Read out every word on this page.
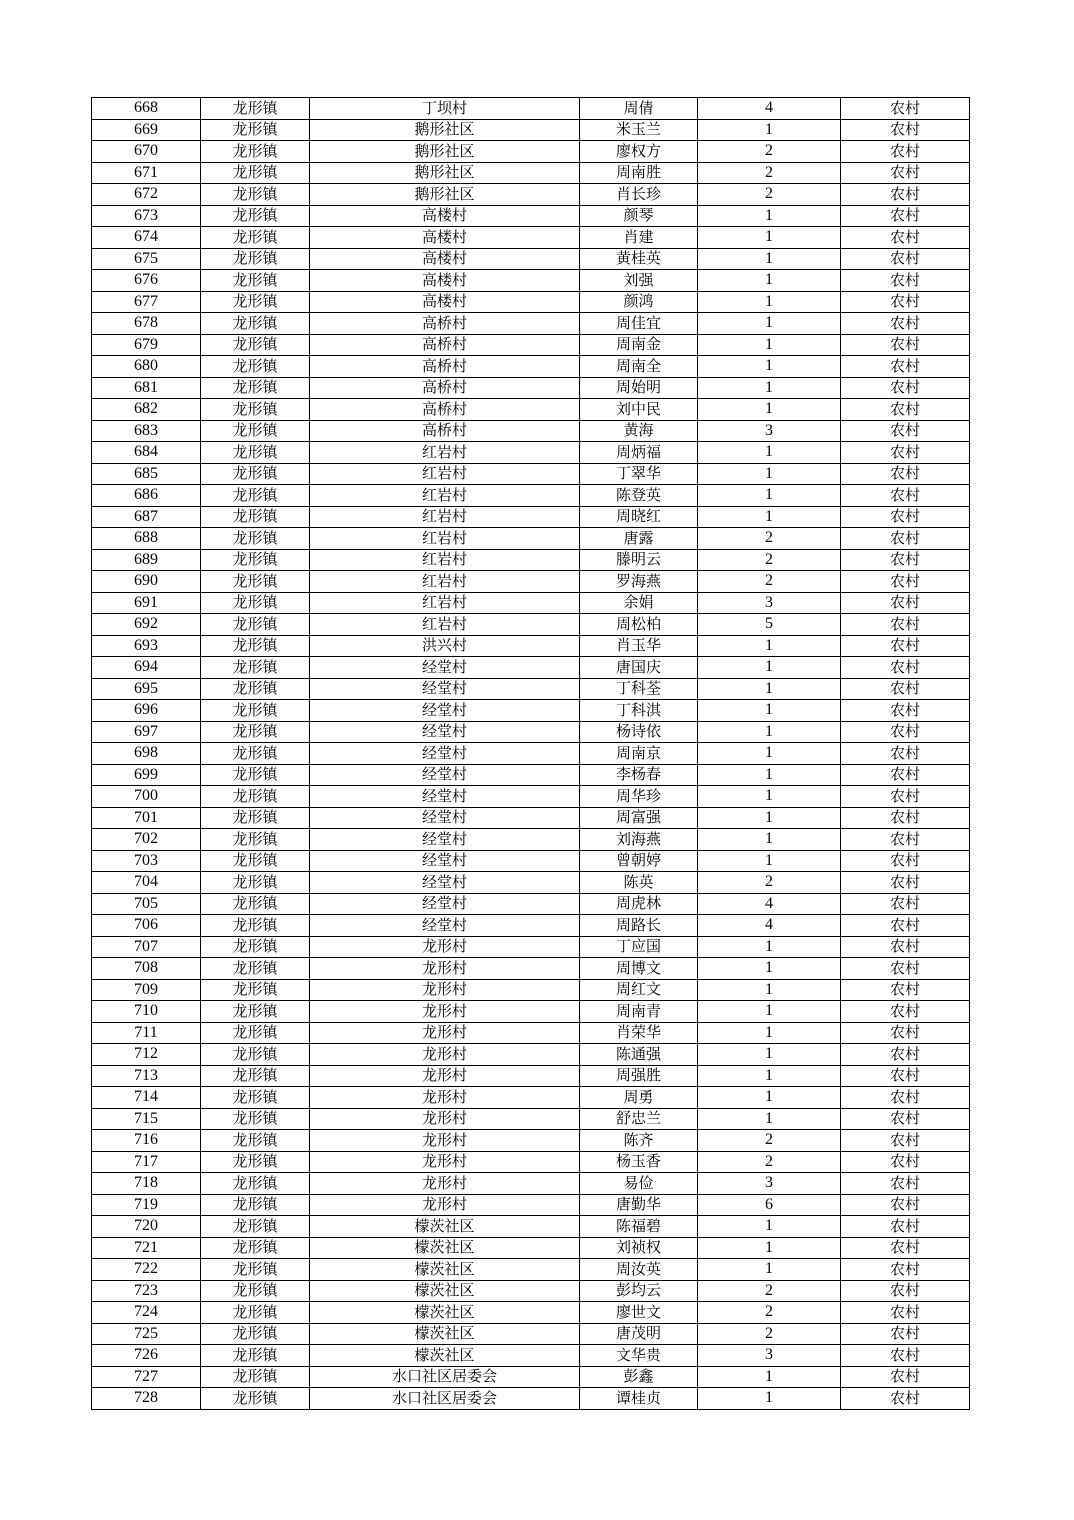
668	龙形镇	丁坝村	周倩	4	农村
669	龙形镇	鹅形社区	米玉兰	1	农村
670	龙形镇	鹅形社区	廖权方	2	农村
671	龙形镇	鹅形社区	周南胜	2	农村
672	龙形镇	鹅形社区	肖长珍	2	农村
673	龙形镇	高楼村	颜琴	1	农村
674	龙形镇	高楼村	肖建	1	农村
675	龙形镇	高楼村	黄桂英	1	农村
676	龙形镇	高楼村	刘强	1	农村
677	龙形镇	高楼村	颜鸿	1	农村
678	龙形镇	高桥村	周佳宜	1	农村
679	龙形镇	高桥村	周南金	1	农村
680	龙形镇	高桥村	周南全	1	农村
681	龙形镇	高桥村	周始明	1	农村
682	龙形镇	高桥村	刘中民	1	农村
683	龙形镇	高桥村	黄海	3	农村
684	龙形镇	红岩村	周炳福	1	农村
685	龙形镇	红岩村	丁翠华	1	农村
686	龙形镇	红岩村	陈登英	1	农村
687	龙形镇	红岩村	周晓红	1	农村
688	龙形镇	红岩村	唐露	2	农村
689	龙形镇	红岩村	滕明云	2	农村
690	龙形镇	红岩村	罗海燕	2	农村
691	龙形镇	红岩村	余娟	3	农村
692	龙形镇	红岩村	周松柏	5	农村
693	龙形镇	洪兴村	肖玉华	1	农村
694	龙形镇	经堂村	唐国庆	1	农村
695	龙形镇	经堂村	丁科荃	1	农村
696	龙形镇	经堂村	丁科淇	1	农村
697	龙形镇	经堂村	杨诗依	1	农村
698	龙形镇	经堂村	周南京	1	农村
699	龙形镇	经堂村	李杨春	1	农村
700	龙形镇	经堂村	周华珍	1	农村
701	龙形镇	经堂村	周富强	1	农村
702	龙形镇	经堂村	刘海燕	1	农村
703	龙形镇	经堂村	曾朝婷	1	农村
704	龙形镇	经堂村	陈英	2	农村
705	龙形镇	经堂村	周虎林	4	农村
706	龙形镇	经堂村	周路长	4	农村
707	龙形镇	龙形村	丁应国	1	农村
708	龙形镇	龙形村	周博文	1	农村
709	龙形镇	龙形村	周红文	1	农村
710	龙形镇	龙形村	周南青	1	农村
711	龙形镇	龙形村	肖荣华	1	农村
712	龙形镇	龙形村	陈通强	1	农村
713	龙形镇	龙形村	周强胜	1	农村
714	龙形镇	龙形村	周勇	1	农村
715	龙形镇	龙形村	舒忠兰	1	农村
716	龙形镇	龙形村	陈齐	2	农村
717	龙形镇	龙形村	杨玉香	2	农村
718	龙形镇	龙形村	易俭	3	农村
719	龙形镇	龙形村	唐勤华	6	农村
720	龙形镇	檬茨社区	陈福碧	1	农村
721	龙形镇	檬茨社区	刘祯权	1	农村
722	龙形镇	檬茨社区	周汝英	1	农村
723	龙形镇	檬茨社区	彭均云	2	农村
724	龙形镇	檬茨社区	廖世文	2	农村
725	龙形镇	檬茨社区	唐茂明	2	农村
726	龙形镇	檬茨社区	文华贵	3	农村
727	龙形镇	水口社区居委会	彭鑫	1	农村
728	龙形镇	水口社区居委会	谭桂贞	1	农村
